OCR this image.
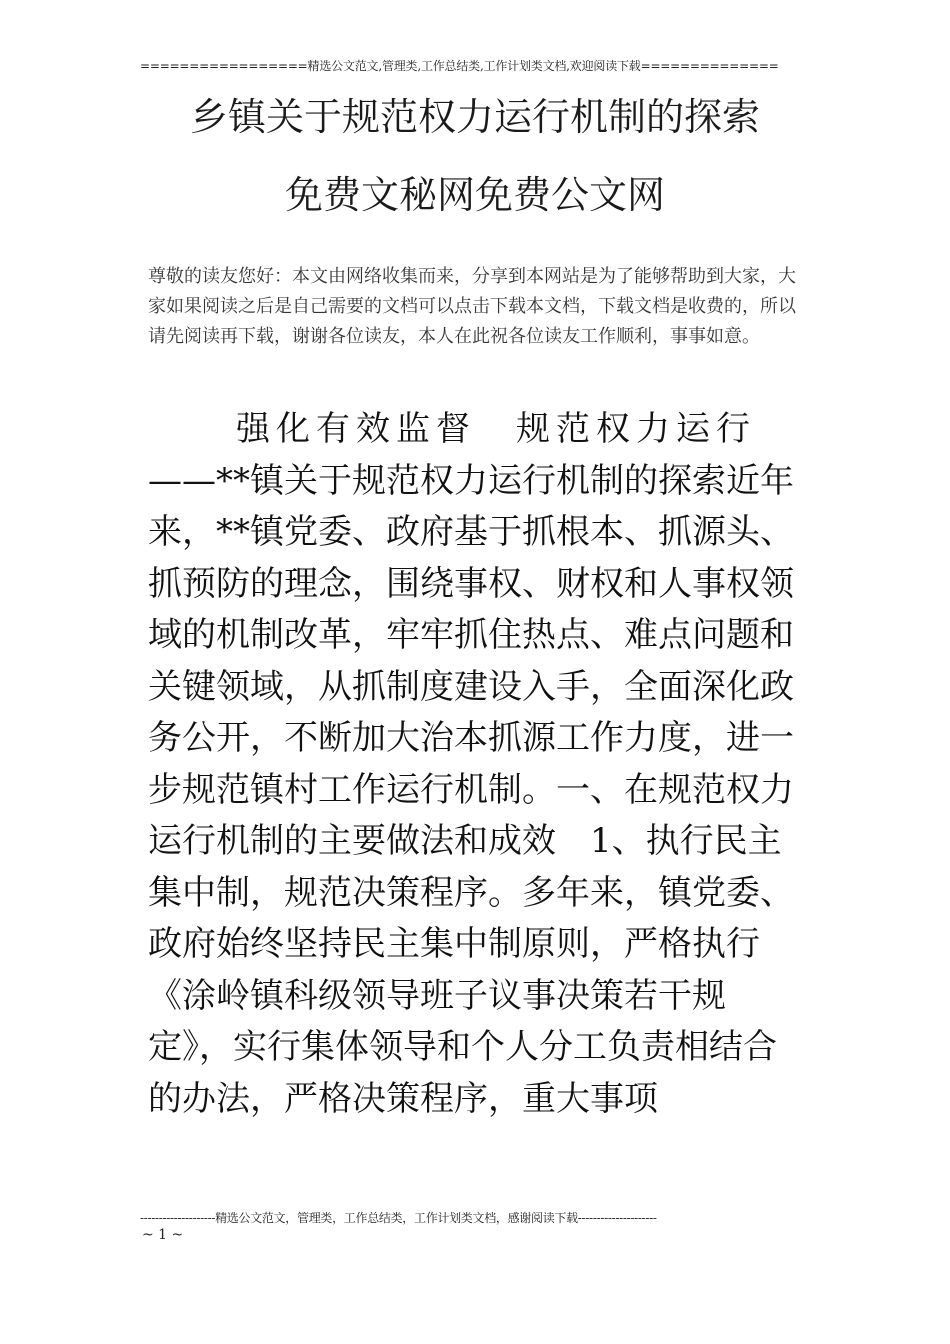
=================精选公文范文,管理类,工作总结类,工作计划类文档,欢迎阅读下载==============
乡镇关于规范权力运行机制的探索
免费文秘网免费公文网
尊敬的读友您好：本文由网络收集而来，分享到本网站是为了能够帮助到大家，大家如果阅读之后是自己需要的文档可以点击下载本文档，下载文档是收费的，所以请先阅读再下载，谢谢各位读友，本人在此祝各位读友工作顺利，事事如意。

强化有效监督　规范权力运行

——**镇关于规范权力运行机制的探索近年来，**镇党委、政府基于抓根本、抓源头、抓预防的理念，围绕事权、财权和人事权领域的机制改革，牢牢抓住热点、难点问题和关键领域，从抓制度建设入手，全面深化政务公开，不断加大治本抓源工作力度，进一步规范镇村工作运行机制。一、在规范权力运行机制的主要做法和成效　1、执行民主集中制，规范决策程序。多年来，镇党委、政府始终坚持民主集中制原则，严格执行《涂岭镇科级领导班子议事决策若干规定》，实行集体领导和个人分工负责相结合的办法，严格决策程序，重大事项

--------------------精选公文范文，管理类，工作总结类，工作计划类文档，感谢阅读下载---------------------
~ 1 ~
